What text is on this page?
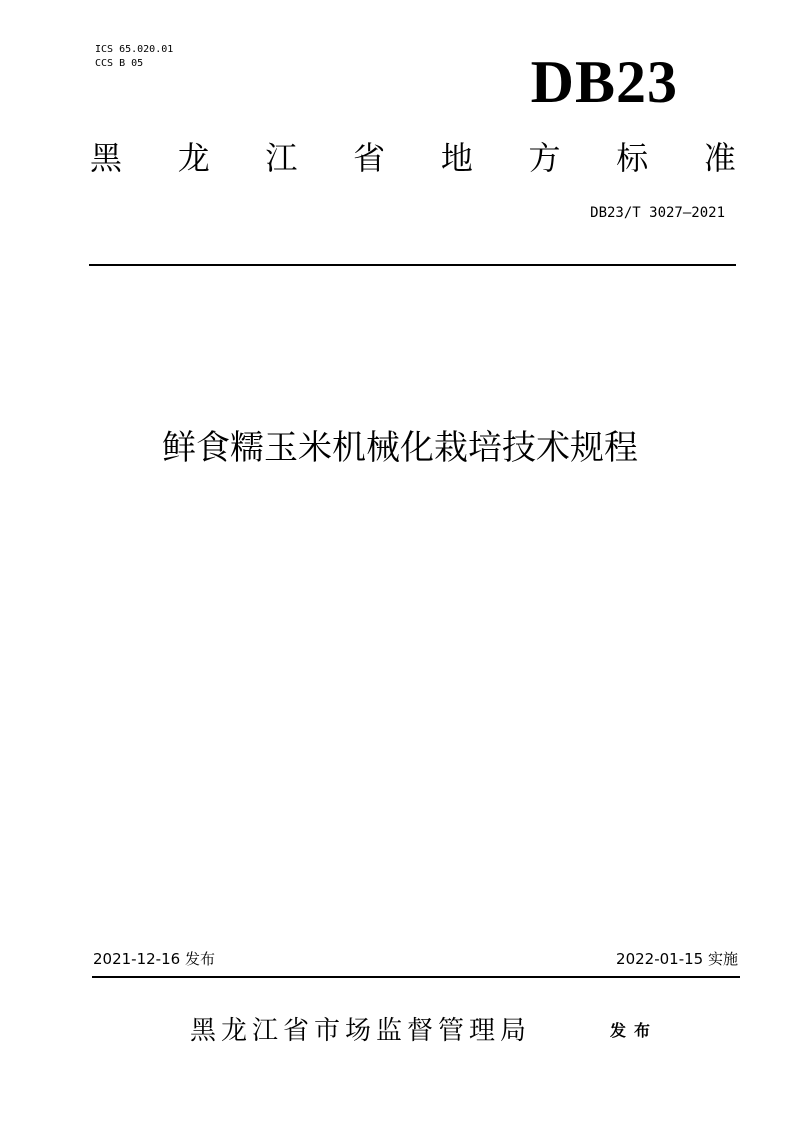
ICS 65.020.01
CCS B 05	DB23
黑 龙 江 省 地 方 标 准
DB23/T 3027—2021
鲜食糯玉米机械化栽培技术规程
2021-12-16 发布	2022-01-15 实施
黑龙江省市场监督管理局	发布
